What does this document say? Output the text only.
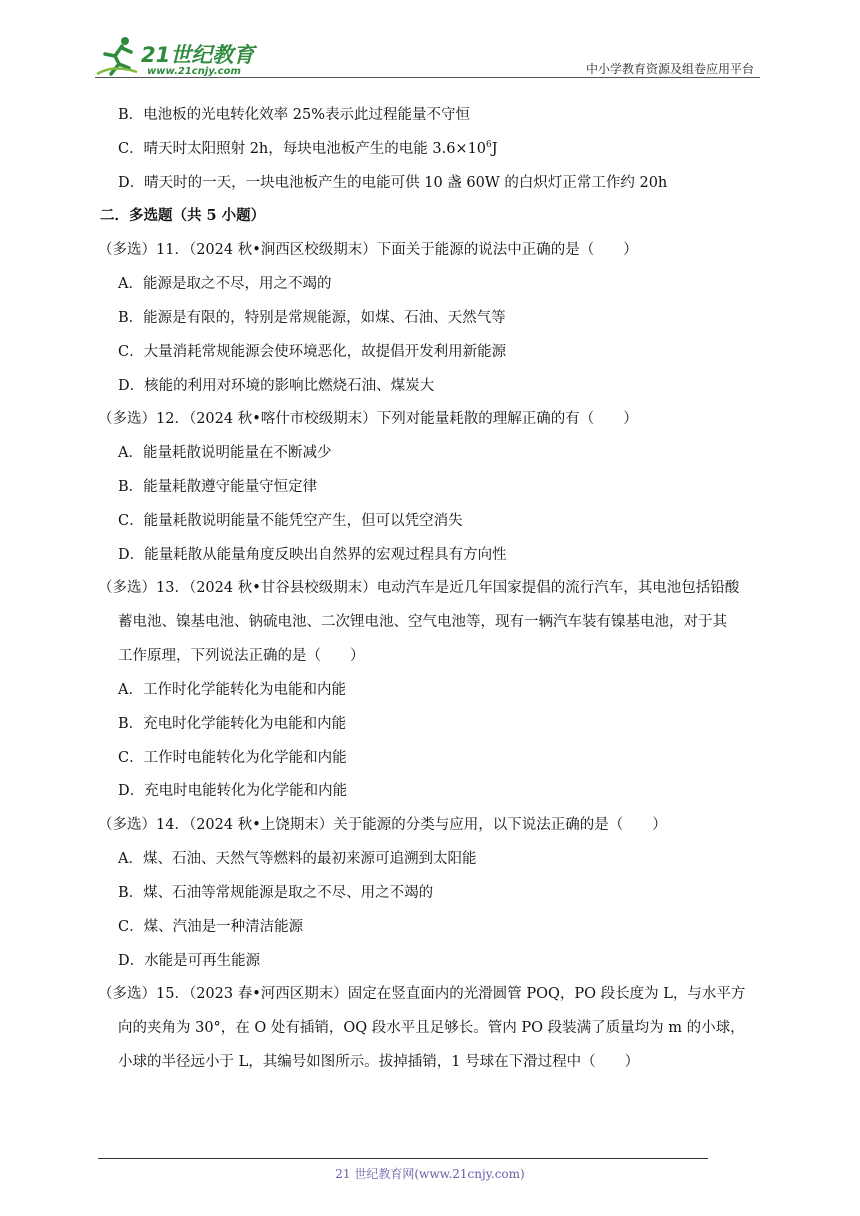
21世纪教育
www.21cnjy.com	中小学教育资源及组卷应用平台
B．电池板的光电转化效率 25%表示此过程能量不守恒
C．晴天时太阳照射 2h，每块电池板产生的电能 $3.6\times 10^6J$
D．晴天时的一天，一块电池板产生的电能可供 10 盏 60W 的白炽灯正常工作约 20h
二．多选题（共 5 小题）
（多选）11．（2024 秋•涧西区校级期末）下面关于能源的说法中正确的是（　　）
A．能源是取之不尽，用之不竭的
B．能源是有限的，特别是常规能源，如煤、石油、天然气等
C．大量消耗常规能源会使环境恶化，故提倡开发利用新能源
D．核能的利用对环境的影响比燃烧石油、煤炭大
（多选）12．（2024 秋•喀什市校级期末）下列对能量耗散的理解正确的有（　　）
A．能量耗散说明能量在不断减少
B．能量耗散遵守能量守恒定律
C．能量耗散说明能量不能凭空产生，但可以凭空消失
D．能量耗散从能量角度反映出自然界的宏观过程具有方向性
（多选）13．（2024 秋•甘谷县校级期末）电动汽车是近几年国家提倡的流行汽车，其电池包括铅酸
蓄电池、镍基电池、钠硫电池、二次锂电池、空气电池等，现有一辆汽车装有镍基电池，对于其
工作原理，下列说法正确的是（　　）
A．工作时化学能转化为电能和内能
B．充电时化学能转化为电能和内能
C．工作时电能转化为化学能和内能
D．充电时电能转化为化学能和内能
（多选）14．（2024 秋•上饶期末）关于能源的分类与应用，以下说法正确的是（　　）
A．煤、石油、天然气等燃料的最初来源可追溯到太阳能
B．煤、石油等常规能源是取之不尽、用之不竭的
C．煤、汽油是一种清洁能源
D．水能是可再生能源
（多选）15．（2023 春•河西区期末）固定在竖直面内的光滑圆管 POQ，PO 段长度为 L，与水平方
向的夹角为 30°，在 O 处有插销，OQ 段水平且足够长。管内 PO 段装满了质量均为 m 的小球，
小球的半径远小于 L，其编号如图所示。拔掉插销，1 号球在下滑过程中（　　）
21 世纪教育网(www.21cnjy.com)
